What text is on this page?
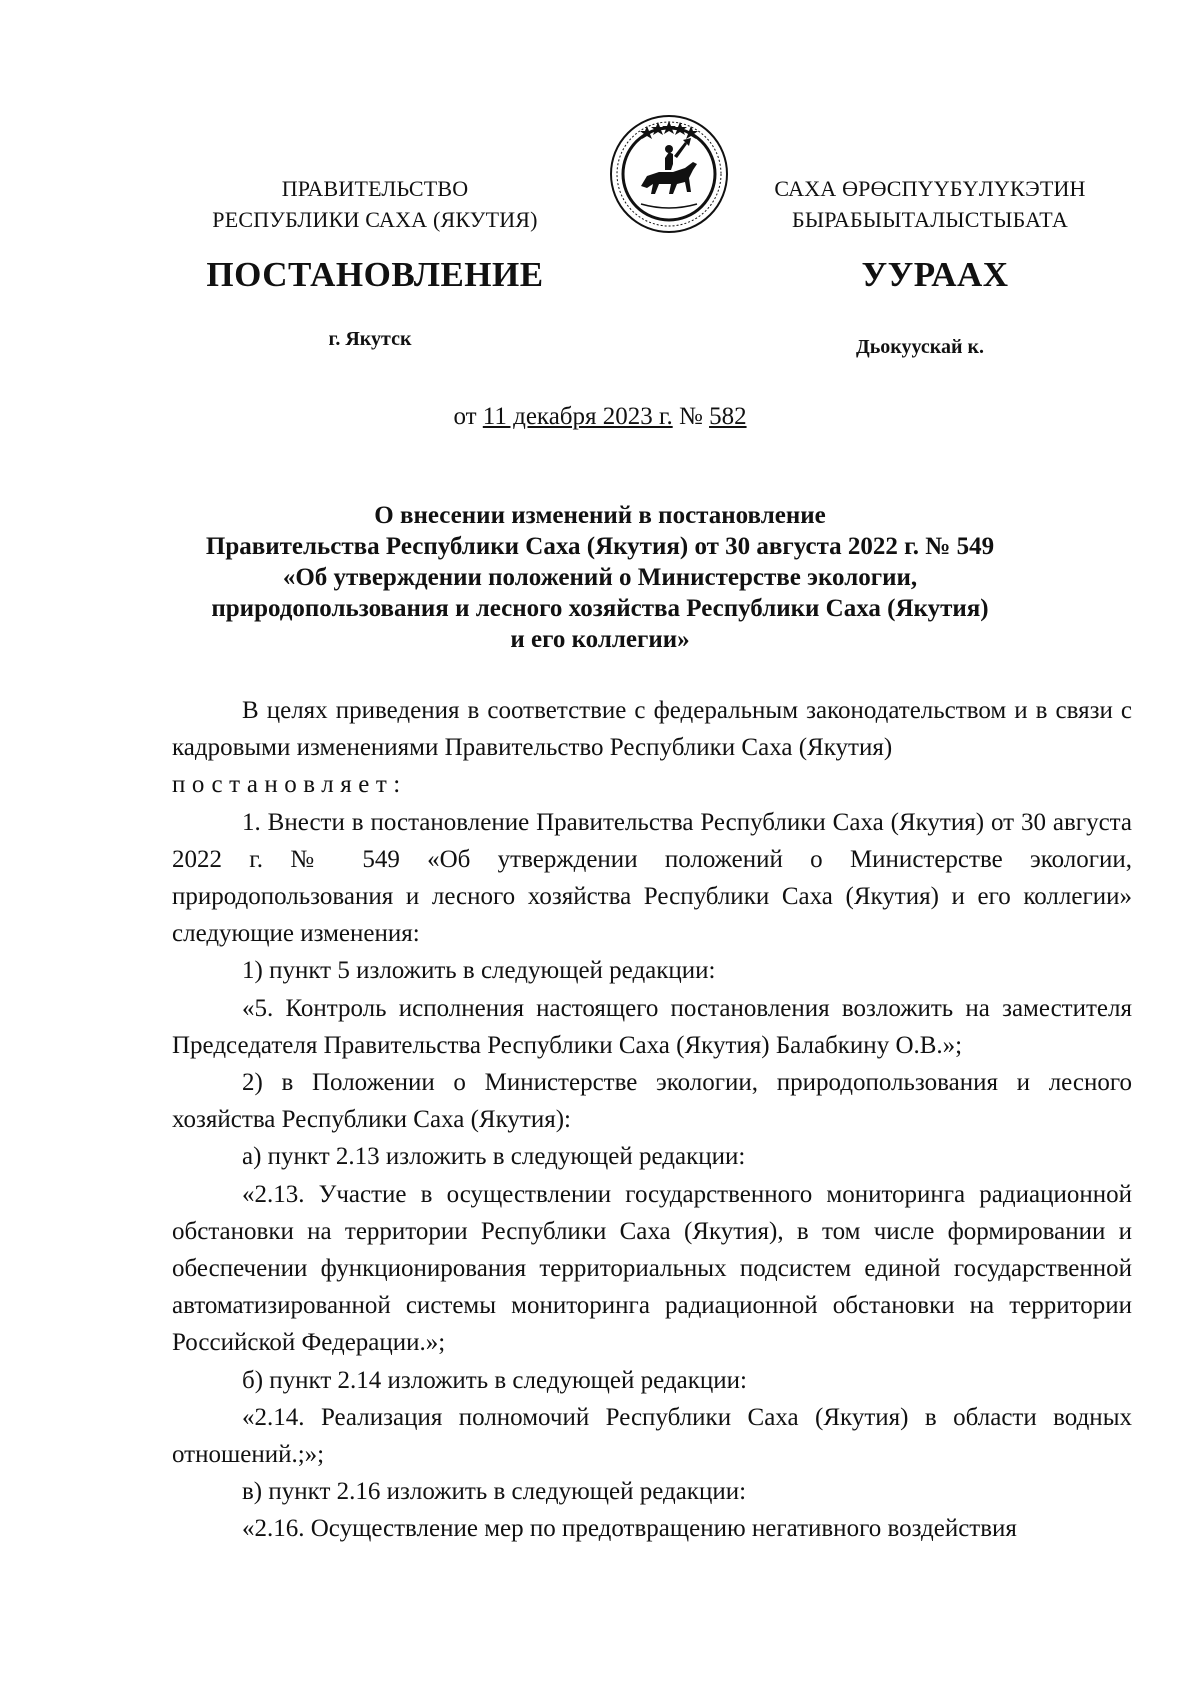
ПРАВИТЕЛЬСТВО
РЕСПУБЛИКИ САХА (ЯКУТИЯ)
САХА ӨРӨСПҮҮБҮЛҮКЭТИН
БЫРАБЫЫТАЛЫСТЫБАТА
ПОСТАНОВЛЕНИЕ	УУРААХ
г. Якутск	Дьокуускай к.
от 11 декабря 2023 г. № 582
О внесении изменений в постановление
Правительства Республики Саха (Якутия) от 30 августа 2022 г. № 549
«Об утверждении положений о Министерстве экологии,
природопользования и лесного хозяйства Республики Саха (Якутия)
и его коллегии»
В целях приведения в соответствие с федеральным законодательством и в связи с кадровыми изменениями Правительство Республики Саха (Якутия)
постановляет:
1. Внести в постановление Правительства Республики Саха (Якутия) от 30 августа 2022 г. № 549 «Об утверждении положений о Министерстве экологии, природопользования и лесного хозяйства Республики Саха (Якутия) и его коллегии» следующие изменения:
1) пункт 5 изложить в следующей редакции:
«5. Контроль исполнения настоящего постановления возложить на заместителя Председателя Правительства Республики Саха (Якутия) Балабкину О.В.»;
2) в Положении о Министерстве экологии, природопользования и лесного хозяйства Республики Саха (Якутия):
а) пункт 2.13 изложить в следующей редакции:
«2.13. Участие в осуществлении государственного мониторинга радиационной обстановки на территории Республики Саха (Якутия), в том числе формировании и обеспечении функционирования территориальных подсистем единой государственной автоматизированной системы мониторинга радиационной обстановки на территории Российской Федерации.»;
б) пункт 2.14 изложить в следующей редакции:
«2.14. Реализация полномочий Республики Саха (Якутия) в области водных отношений.;»;
в) пункт 2.16 изложить в следующей редакции:
«2.16. Осуществление мер по предотвращению негативного воздействия
